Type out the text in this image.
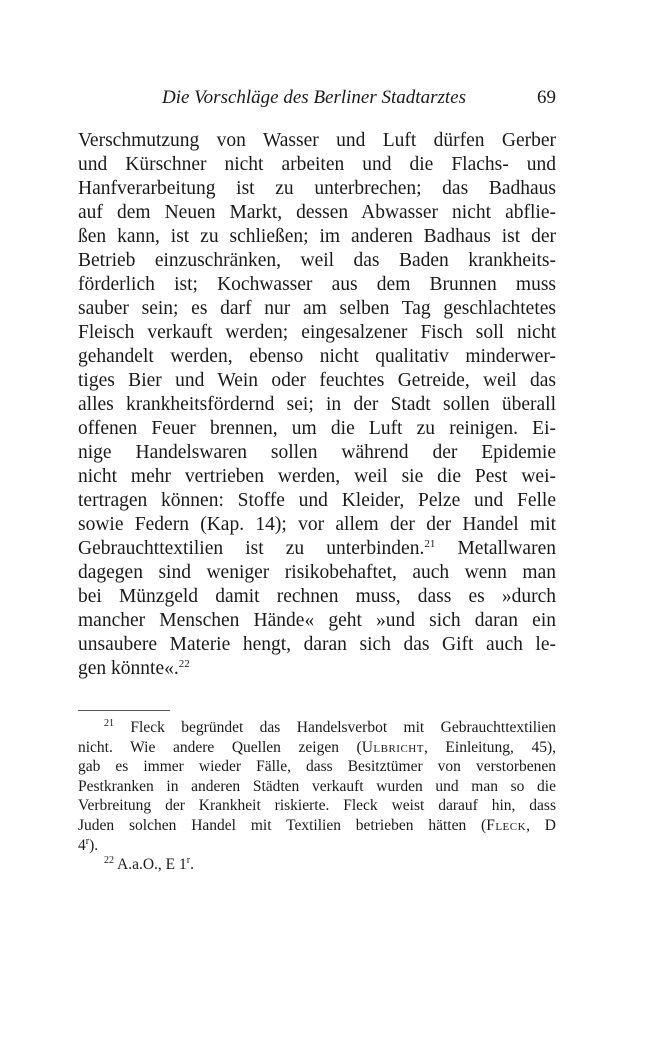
Die Vorschläge des Berliner Stadtarztes	69
Verschmutzung von Wasser und Luft dürfen Gerber
und Kürschner nicht arbeiten und die Flachs- und
Hanfverarbeitung ist zu unterbrechen; das Badhaus
auf dem Neuen Markt, dessen Abwasser nicht abflie-
ßen kann, ist zu schließen; im anderen Badhaus ist der
Betrieb einzuschränken, weil das Baden krankheits-
förderlich ist; Kochwasser aus dem Brunnen muss
sauber sein; es darf nur am selben Tag geschlachtetes
Fleisch verkauft werden; eingesalzener Fisch soll nicht
gehandelt werden, ebenso nicht qualitativ minderwer-
tiges Bier und Wein oder feuchtes Getreide, weil das
alles krankheitsfördernd sei; in der Stadt sollen überall
offenen Feuer brennen, um die Luft zu reinigen. Ei-
nige Handelswaren sollen während der Epidemie
nicht mehr vertrieben werden, weil sie die Pest wei-
tertragen können: Stoffe und Kleider, Pelze und Felle
sowie Federn (Kap. 14); vor allem der der Handel mit
Gebrauchttextilien ist zu unterbinden.$^{21}$ Metallwaren
dagegen sind weniger risikobehaftet, auch wenn man
bei Münzgeld damit rechnen muss, dass es »durch
mancher Menschen Hände« geht »und sich daran ein
unsaubere Materie hengt, daran sich das Gift auch le-
gen könnte«.$^{22}$
$^{21}$ Fleck begründet das Handelsverbot mit Gebrauchttextilien
nicht. Wie andere Quellen zeigen (Ulbricht, Einleitung, 45),
gab es immer wieder Fälle, dass Besitztümer von verstorbenen
Pestkranken in anderen Städten verkauft wurden und man so die
Verbreitung der Krankheit riskierte. Fleck weist darauf hin, dass
Juden solchen Handel mit Textilien betrieben hätten (Fleck, D
4$^r$).
$^{22}$ A.a.O., E 1$^r$.
